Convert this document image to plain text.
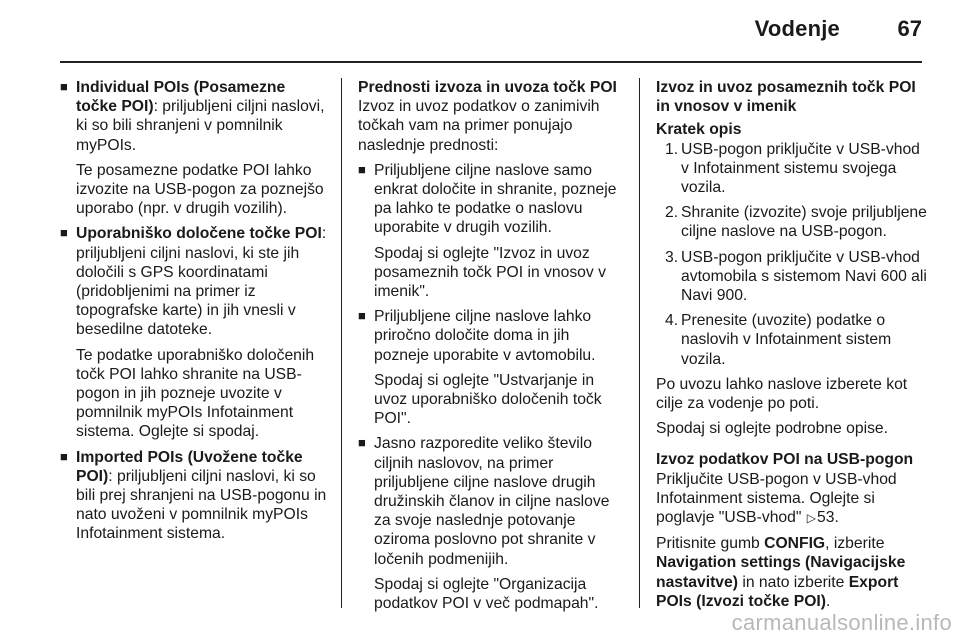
Vodenje	67
■ Individual POIs (Posamezne točke POI): priljubljeni ciljni naslovi, ki so bili shranjeni v pomnilnik myPOIs.
Te posamezne podatke POI lahko izvozite na USB-pogon za poznejšo uporabo (npr. v drugih vozilih).
■ Uporabniško določene točke POI: priljubljeni ciljni naslovi, ki ste jih določili s GPS koordinatami (pridobljenimi na primer iz topografske karte) in jih vnesli v besedilne datoteke.
Te podatke uporabniško določenih točk POI lahko shranite na USB-pogon in jih pozneje uvozite v pomnilnik myPOIs Infotainment sistema. Oglejte si spodaj.
■ Imported POIs (Uvožene točke POI): priljubljeni ciljni naslovi, ki so bili prej shranjeni na USB-pogonu in nato uvoženi v pomnilnik myPOIs Infotainment sistema.
Prednosti izvoza in uvoza točk POI
Izvoz in uvoz podatkov o zanimivih točkah vam na primer ponujajo naslednje prednosti:
■ Priljubljene ciljne naslove samo enkrat določite in shranite, pozneje pa lahko te podatke o naslovu uporabite v drugih vozilih.
Spodaj si oglejte "Izvoz in uvoz posameznih točk POI in vnosov v imenik".
■ Priljubljene ciljne naslove lahko priročno določite doma in jih pozneje uporabite v avtomobilu.
Spodaj si oglejte "Ustvarjanje in uvoz uporabniško določenih točk POI".
■ Jasno razporedite veliko število ciljnih naslovov, na primer priljubljene ciljne naslove drugih družinskih članov in ciljne naslove za svoje naslednje potovanje oziroma poslovno pot shranite v ločenih podmenijih.
Spodaj si oglejte "Organizacija podatkov POI v več podmapah".
Izvoz in uvoz posameznih točk POI in vnosov v imenik
Kratek opis
1. USB-pogon priključite v USB-vhod v Infotainment sistemu svojega vozila.
2. Shranite (izvozite) svoje priljubljene ciljne naslove na USB-pogon.
3. USB-pogon priključite v USB-vhod avtomobila s sistemom Navi 600 ali Navi 900.
4. Prenesite (uvozite) podatke o naslovih v Infotainment sistem vozila.
Po uvozu lahko naslove izberete kot cilje za vodenje po poti.
Spodaj si oglejte podrobne opise.
Izvoz podatkov POI na USB-pogon
Priključite USB-pogon v USB-vhod Infotainment sistema. Oglejte si poglavje "USB-vhod" ▷53.
Pritisnite gumb CONFIG, izberite Navigation settings (Navigacijske nastavitve) in nato izberite Export POIs (Izvozi točke POI).
carmanualsonline.info
